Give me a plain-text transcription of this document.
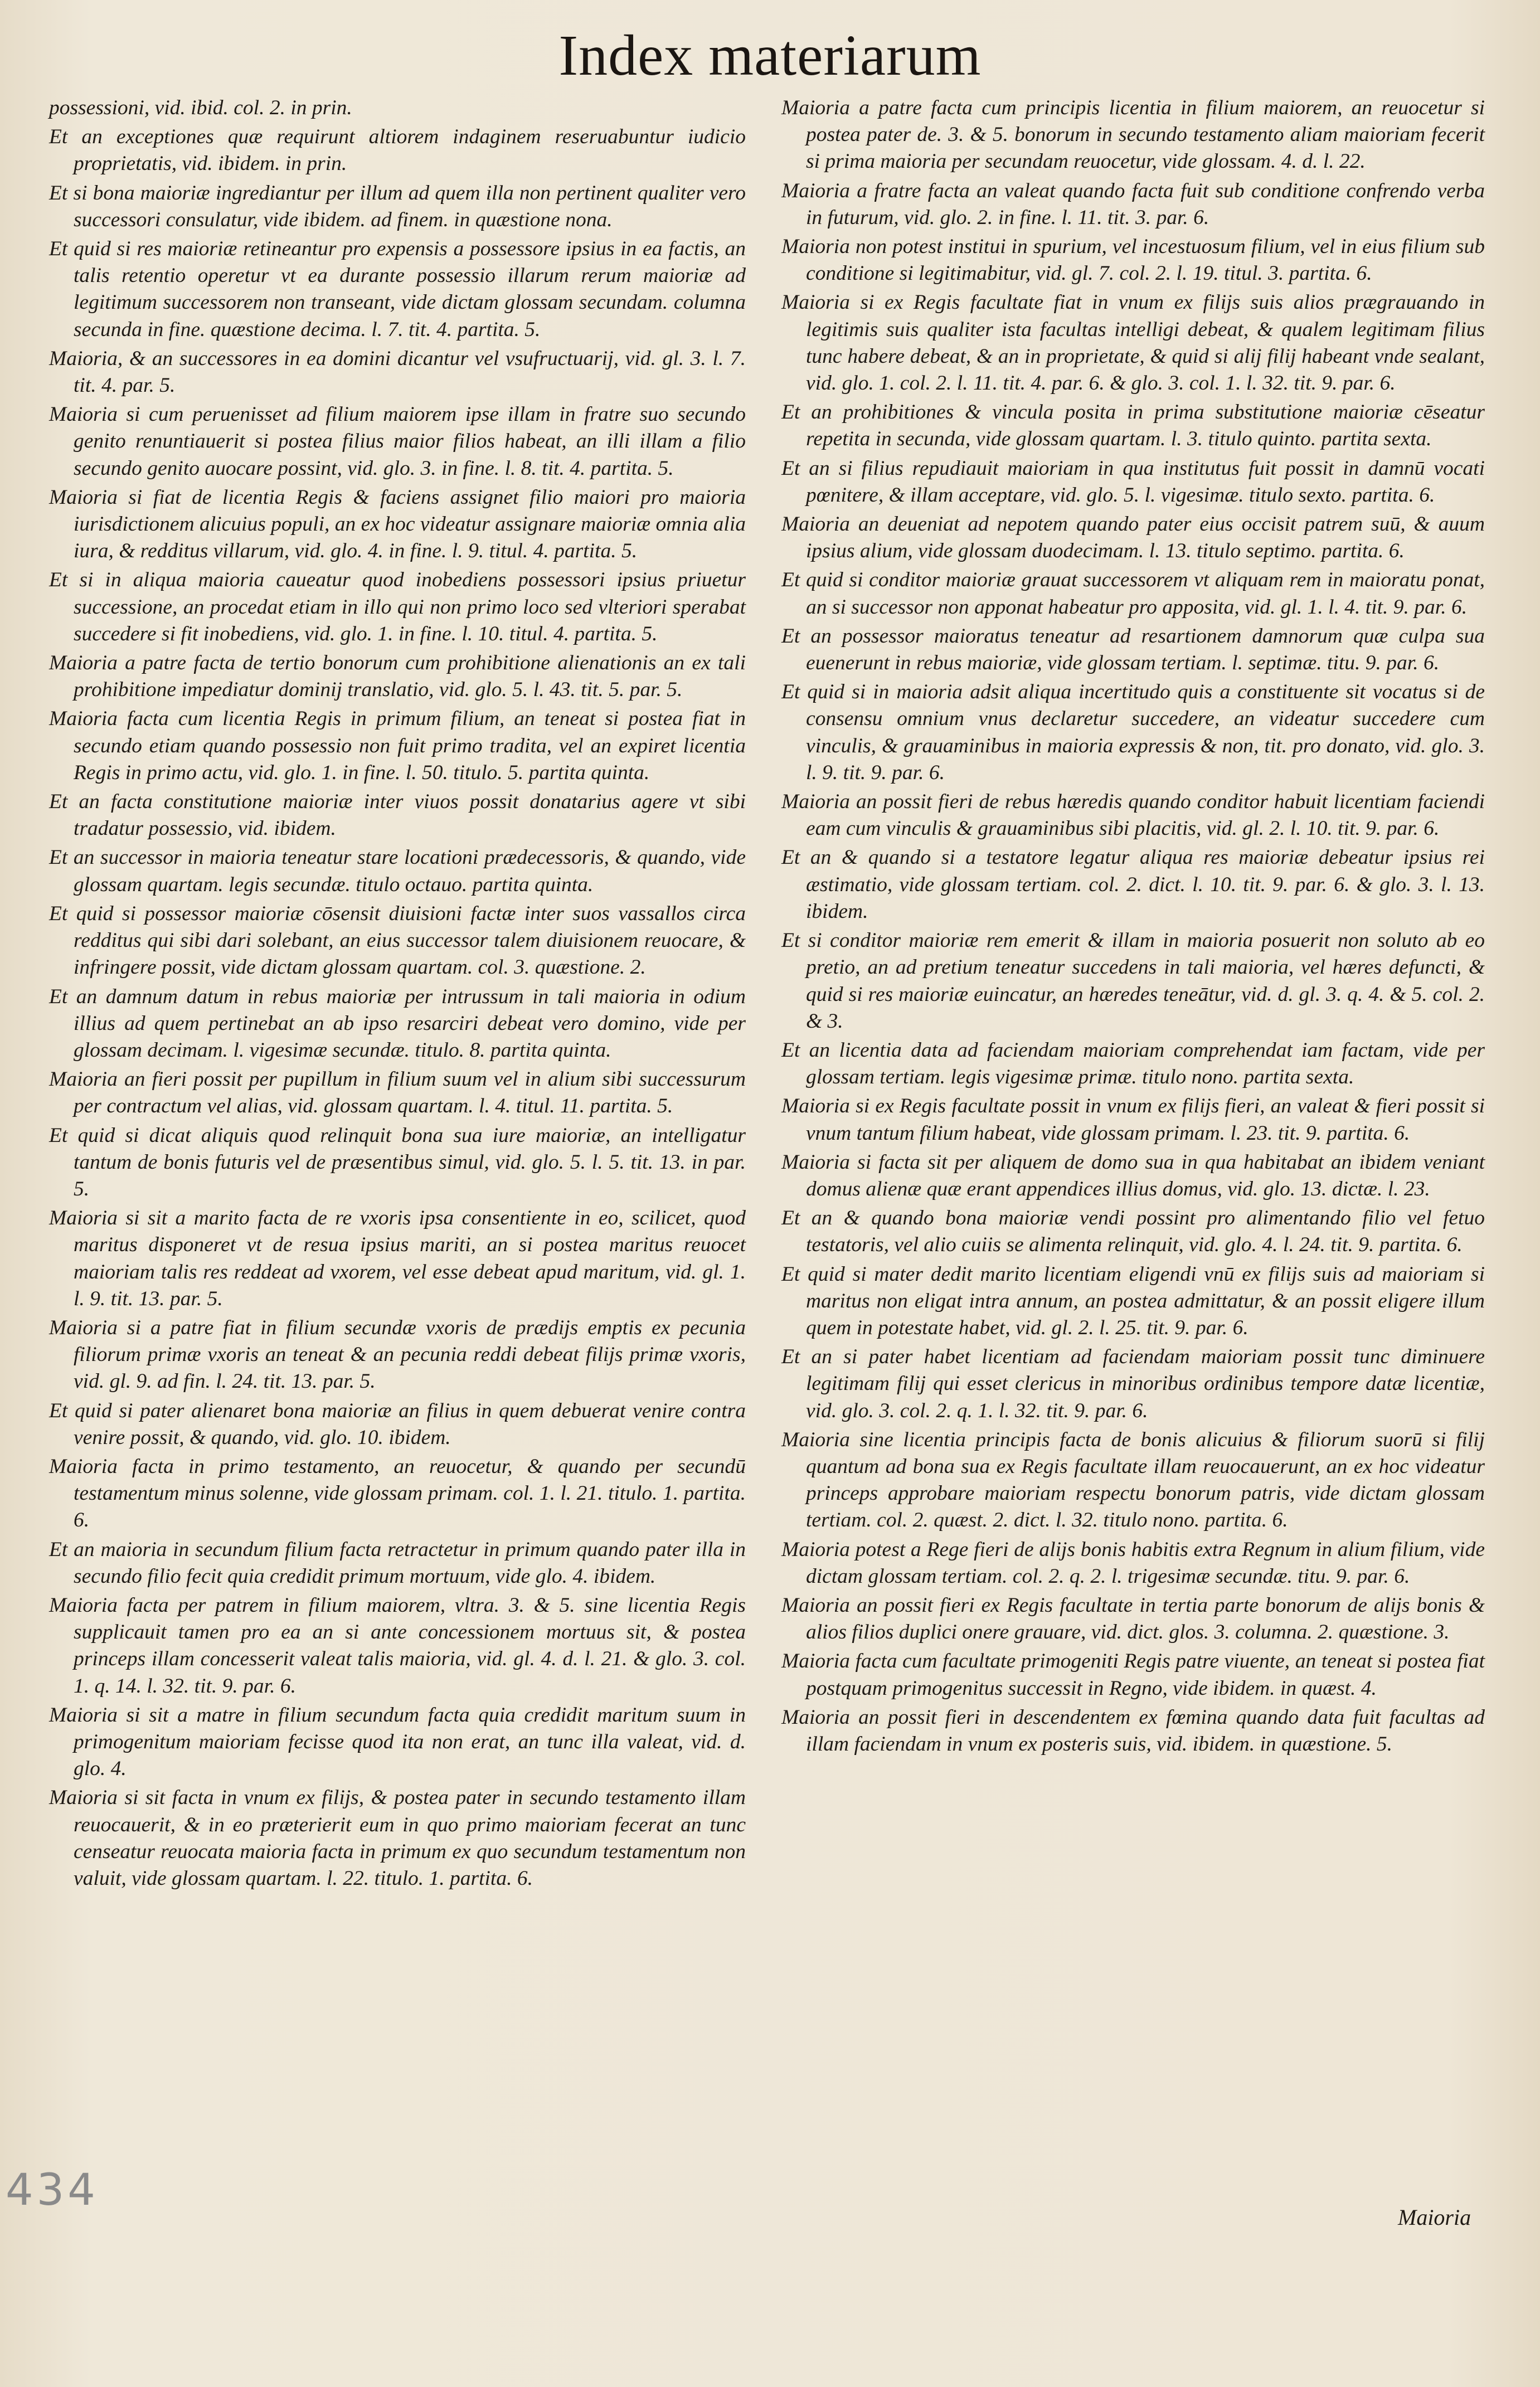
Index materiarum

possessioni, vid. ibid. col. 2. in prin.

Et an exceptiones quæ requirunt altiorem indaginem reseruabuntur iudicio proprietatis, vid. ibidem. in prin.

Et si bona maioriæ ingrediantur per illum ad quem illa non pertinent qualiter vero successori consulatur, vide ibidem. ad finem. in quæstione nona.

Et quid si res maioriæ retineantur pro expensis a possessore ipsius in ea factis, an talis retentio operetur vt ea durante possessio illarum rerum maioriæ ad legitimum successorem non transeant, vide dictam glossam secundam. columna secunda in fine. quæstione decima. l. 7. tit. 4. partita. 5.

Maioria, & an successores in ea domini dicantur vel vsufructuarij, vid. gl. 3. l. 7. tit. 4. par. 5.

Maioria si cum peruenisset ad filium maiorem ipse illam in fratre suo secundo genito renuntiauerit si postea filius maior filios habeat, an illi illam a filio secundo genito auocare possint, vid. glo. 3. in fine. l. 8. tit. 4. partita. 5.

Maioria si fiat de licentia Regis & faciens assignet filio maiori pro maioria iurisdictionem alicuius populi, an ex hoc videatur assignare maioriæ omnia alia iura, & redditus villarum, vid. glo. 4. in fine. l. 9. titul. 4. partita. 5.

Et si in aliqua maioria caueatur quod inobediens possessori ipsius priuetur successione, an procedat etiam in illo qui non primo loco sed vlteriori sperabat succedere si fit inobediens, vid. glo. 1. in fine. l. 10. titul. 4. partita. 5.

Maioria a patre facta de tertio bonorum cum prohibitione alienationis an ex tali prohibitione impediatur dominij translatio, vid. glo. 5. l. 43. tit. 5. par. 5.

Maioria facta cum licentia Regis in primum filium, an teneat si postea fiat in secundo etiam quando possessio non fuit primo tradita, vel an expiret licentia Regis in primo actu, vid. glo. 1. in fine. l. 50. titulo. 5. partita quinta.

Et an facta constitutione maioriæ inter viuos possit donatarius agere vt sibi tradatur possessio, vid. ibidem.

Et an successor in maioria teneatur stare locationi prædecessoris, & quando, vide glossam quartam. legis secundæ. titulo octauo. partita quinta.

Et quid si possessor maioriæ cōsensit diuisioni factæ inter suos vassallos circa redditus qui sibi dari solebant, an eius successor talem diuisionem reuocare, & infringere possit, vide dictam glossam quartam. col. 3. quæstione. 2.

Et an damnum datum in rebus maioriæ per intrussum in tali maioria in odium illius ad quem pertinebat an ab ipso resarciri debeat vero domino, vide per glossam decimam. l. vigesimæ secundæ. titulo. 8. partita quinta.

Maioria an fieri possit per pupillum in filium suum vel in alium sibi successurum per contractum vel alias, vid. glossam quartam. l. 4. titul. 11. partita. 5.

Et quid si dicat aliquis quod relinquit bona sua iure maioriæ, an intelligatur tantum de bonis futuris vel de præsentibus simul, vid. glo. 5. l. 5. tit. 13. in par. 5.

Maioria si sit a marito facta de re vxoris ipsa consentiente in eo, scilicet, quod maritus disponeret vt de resua ipsius mariti, an si postea maritus reuocet maioriam talis res reddeat ad vxorem, vel esse debeat apud maritum, vid. gl. 1. l. 9. tit. 13. par. 5.

Maioria si a patre fiat in filium secundæ vxoris de prædijs emptis ex pecunia filiorum primæ vxoris an teneat & an pecunia reddi debeat filijs primæ vxoris, vid. gl. 9. ad fin. l. 24. tit. 13. par. 5.

Et quid si pater alienaret bona maioriæ an filius in quem debuerat venire contra venire possit, & quando, vid. glo. 10. ibidem.

Maioria facta in primo testamento, an reuocetur, & quando per secundū testamentum minus solenne, vide glossam primam. col. 1. l. 21. titulo. 1. partita. 6.

Et an maioria in secundum filium facta retractetur in primum quando pater illa in secundo filio fecit quia credidit primum mortuum, vide glo. 4. ibidem.

Maioria facta per patrem in filium maiorem, vltra. 3. & 5. sine licentia Regis supplicauit tamen pro ea an si ante concessionem mortuus sit, & postea princeps illam concesserit valeat talis maioria, vid. gl. 4. d. l. 21. & glo. 3. col. 1. q. 14. l. 32. tit. 9. par. 6.

Maioria si sit a matre in filium secundum facta quia credidit maritum suum in primogenitum maioriam fecisse quod ita non erat, an tunc illa valeat, vid. d. glo. 4.

Maioria si sit facta in vnum ex filijs, & postea pater in secundo testamento illam reuocauerit, & in eo præterierit eum in quo primo maioriam fecerat an tunc censeatur reuocata maioria facta in primum ex quo secundum testamentum non valuit, vide glossam quartam. l. 22. titulo. 1. partita. 6.

Maioria a patre facta cum principis licentia in filium maiorem, an reuocetur si postea pater de. 3. & 5. bonorum in secundo testamento aliam maioriam fecerit si prima maioria per secundam reuocetur, vide glossam. 4. d. l. 22.

Maioria a fratre facta an valeat quando facta fuit sub conditione confrendo verba in futurum, vid. glo. 2. in fine. l. 11. tit. 3. par. 6.

Maioria non potest institui in spurium, vel incestuosum filium, vel in eius filium sub conditione si legitimabitur, vid. gl. 7. col. 2. l. 19. titul. 3. partita. 6.

Maioria si ex Regis facultate fiat in vnum ex filijs suis alios prægrauando in legitimis suis qualiter ista facultas intelligi debeat, & qualem legitimam filius tunc habere debeat, & an in proprietate, & quid si alij filij habeant vnde sealant, vid. glo. 1. col. 2. l. 11. tit. 4. par. 6. & glo. 3. col. 1. l. 32. tit. 9. par. 6.

Et an prohibitiones & vincula posita in prima substitutione maioriæ cēseatur repetita in secunda, vide glossam quartam. l. 3. titulo quinto. partita sexta.

Et an si filius repudiauit maioriam in qua institutus fuit possit in damnū vocati pœnitere, & illam acceptare, vid. glo. 5. l. vigesimæ. titulo sexto. partita. 6.

Maioria an deueniat ad nepotem quando pater eius occisit patrem suū, & auum ipsius alium, vide glossam duodecimam. l. 13. titulo septimo. partita. 6.

Et quid si conditor maioriæ grauat successorem vt aliquam rem in maioratu ponat, an si successor non apponat habeatur pro apposita, vid. gl. 1. l. 4. tit. 9. par. 6.

Et an possessor maioratus teneatur ad resartionem damnorum quæ culpa sua euenerunt in rebus maioriæ, vide glossam tertiam. l. septimæ. titu. 9. par. 6.

Et quid si in maioria adsit aliqua incertitudo quis a constituente sit vocatus si de consensu omnium vnus declaretur succedere, an videatur succedere cum vinculis, & grauaminibus in maioria expressis & non, tit. pro donato, vid. glo. 3. l. 9. tit. 9. par. 6.

Maioria an possit fieri de rebus hæredis quando conditor habuit licentiam faciendi eam cum vinculis & grauaminibus sibi placitis, vid. gl. 2. l. 10. tit. 9. par. 6.

Et an & quando si a testatore legatur aliqua res maioriæ debeatur ipsius rei æstimatio, vide glossam tertiam. col. 2. dict. l. 10. tit. 9. par. 6. & glo. 3. l. 13. ibidem.

Et si conditor maioriæ rem emerit & illam in maioria posuerit non soluto ab eo pretio, an ad pretium teneatur succedens in tali maioria, vel hæres defuncti, & quid si res maioriæ euincatur, an hæredes teneātur, vid. d. gl. 3. q. 4. & 5. col. 2. & 3.

Et an licentia data ad faciendam maioriam comprehendat iam factam, vide per glossam tertiam. legis vigesimæ primæ. titulo nono. partita sexta.

Maioria si ex Regis facultate possit in vnum ex filijs fieri, an valeat & fieri possit si vnum tantum filium habeat, vide glossam primam. l. 23. tit. 9. partita. 6.

Maioria si facta sit per aliquem de domo sua in qua habitabat an ibidem veniant domus alienæ quæ erant appendices illius domus, vid. glo. 13. dictæ. l. 23.

Et an & quando bona maioriæ vendi possint pro alimentando filio vel fetuo testatoris, vel alio cuiis se alimenta relinquit, vid. glo. 4. l. 24. tit. 9. partita. 6.

Et quid si mater dedit marito licentiam eligendi vnū ex filijs suis ad maioriam si maritus non eligat intra annum, an postea admittatur, & an possit eligere illum quem in potestate habet, vid. gl. 2. l. 25. tit. 9. par. 6.

Et an si pater habet licentiam ad faciendam maioriam possit tunc diminuere legitimam filij qui esset clericus in minoribus ordinibus tempore datæ licentiæ, vid. glo. 3. col. 2. q. 1. l. 32. tit. 9. par. 6.

Maioria sine licentia principis facta de bonis alicuius & filiorum suorū si filij quantum ad bona sua ex Regis facultate illam reuocauerunt, an ex hoc videatur princeps approbare maioriam respectu bonorum patris, vide dictam glossam tertiam. col. 2. quæst. 2. dict. l. 32. titulo nono. partita. 6.

Maioria potest a Rege fieri de alijs bonis habitis extra Regnum in alium filium, vide dictam glossam tertiam. col. 2. q. 2. l. trigesimæ secundæ. titu. 9. par. 6.

Maioria an possit fieri ex Regis facultate in tertia parte bonorum de alijs bonis & alios filios duplici onere grauare, vid. dict. glos. 3. columna. 2. quæstione. 3.

Maioria facta cum facultate primogeniti Regis patre viuente, an teneat si postea fiat postquam primogenitus successit in Regno, vide ibidem. in quæst. 4.

Maioria an possit fieri in descendentem ex fœmina quando data fuit facultas ad illam faciendam in vnum ex posteris suis, vid. ibidem. in quæstione. 5.

Maioria
434
